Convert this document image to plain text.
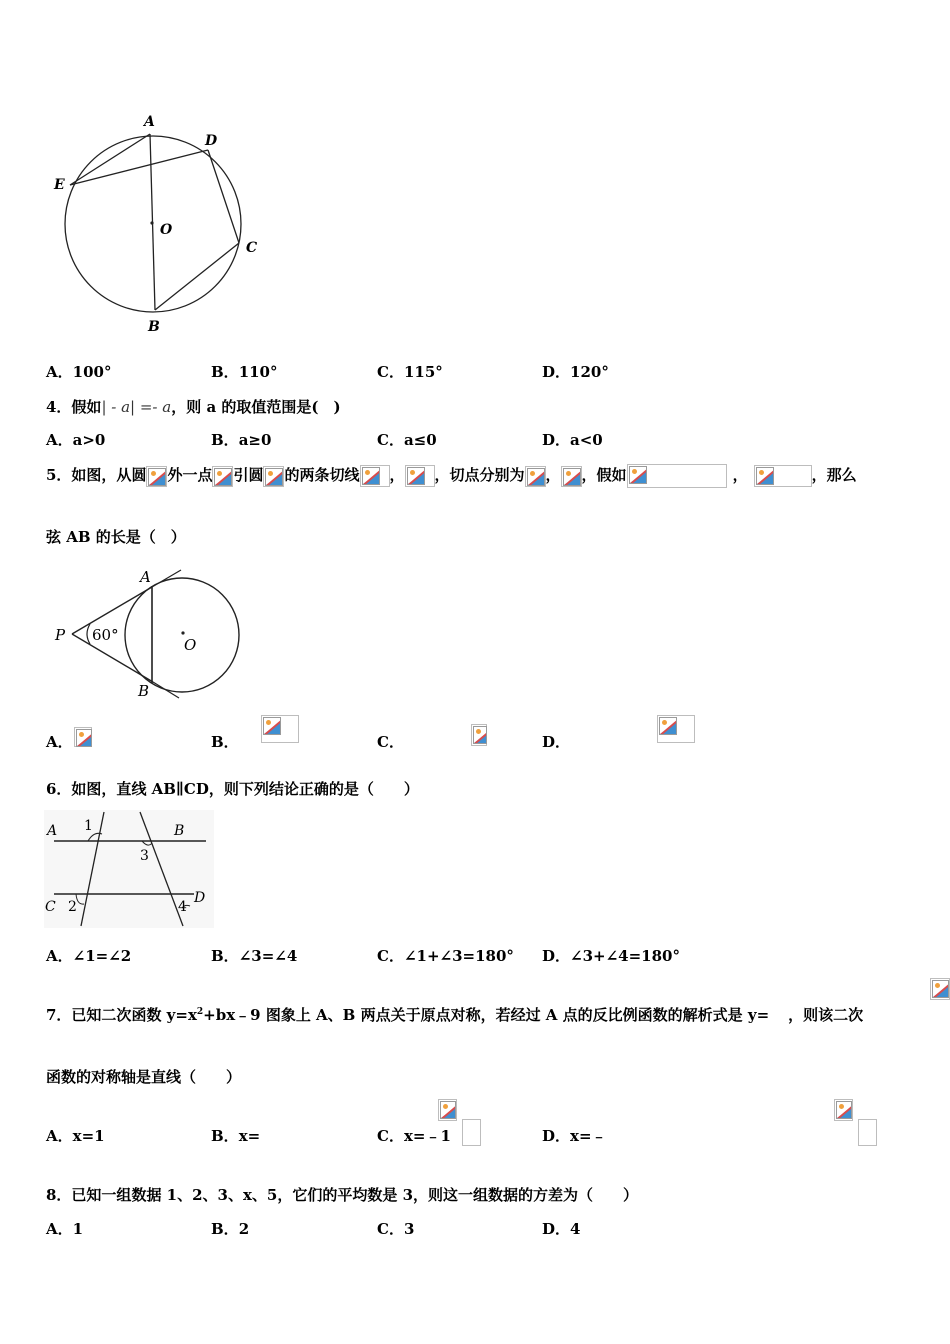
A
D
E
O
C
B
A．100°	B．110°	C．115°	D．120°
4．假如| - a| =- a，则 a 的取值范围是(　)
A．a>0	B．a≥0	C．a≤0	D．a<0
5．如图，从圆 外一点 引圆 的两条切线 ， ，切点分别为 ， ，假如	，	，那么
弦 AB 的长是（　）
A
P 60°
O
B
A．
	B．
	C．
	D．

6．如图，直线 AB∥CD，则下列结论正确的是（　　）
A 1	B
3
C 2	4
D
A．∠1=∠2	B．∠3=∠4	C．∠1+∠3=180° D．∠3+∠4=180°
7．已知二次函数 $y=x^2+bx﹣9$ 图象上 A、B 两点关于原点对称，若经过 A 点的反比例函数的解析式是 y= ，则该二次

函数的对称轴是直线（　　）
A．x=1	B．x=
	C．x=﹣1	D．x=﹣

8．已知一组数据 1、2、3、x、5，它们的平均数是 3，则这一组数据的方差为（　　）
A．1	B．2	C．3	D．4
